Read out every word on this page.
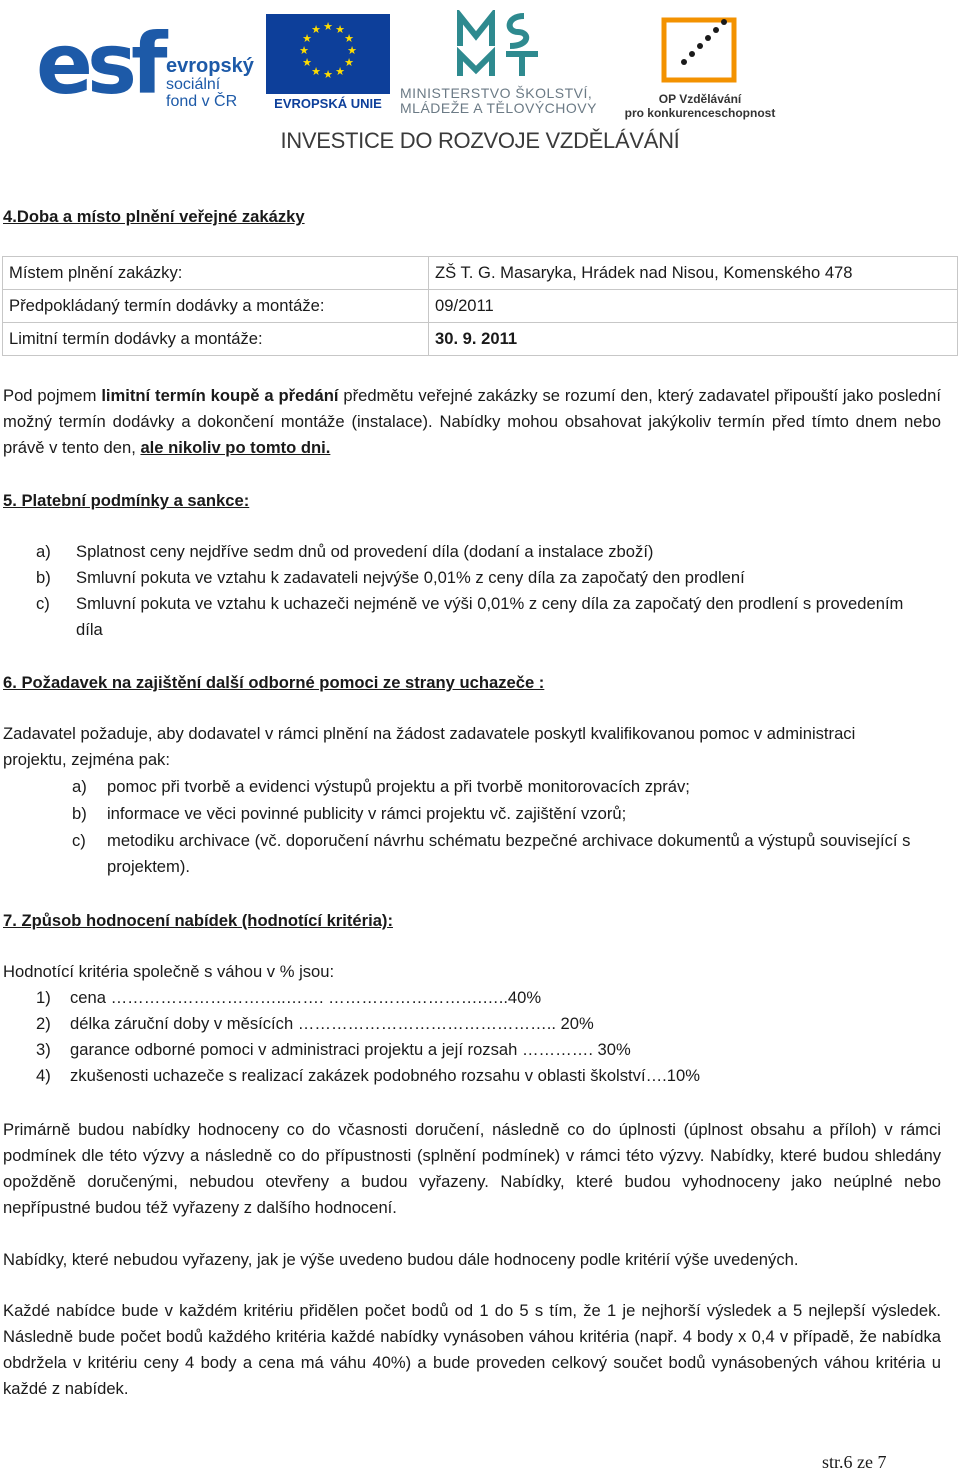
esf evropský
sociální
fond v ČR
★ ★
★
★
★
★
★
★
★
★
★
★
EVROPSKÁ UNIE
MINISTERSTVO ŠKOLSTVÍ,
MLÁDEŽE A TĚLOVÝCHOVY
OP Vzdělávání
pro konkurenceschopnost
INVESTICE DO ROZVOJE VZDĚLÁVÁNÍ
4.Doba a místo plnění veřejné zakázky
Místem plnění zakázky:	ZŠ T. G. Masaryka, Hrádek nad Nisou, Komenského 478
Předpokládaný termín dodávky a montáže:	09/2011
Limitní termín dodávky a montáže:	30. 9. 2011
Pod pojmem limitní termín koupě a předání předmětu veřejné zakázky se rozumí den, který zadavatel připouští jako poslední možný termín dodávky a dokončení montáže (instalace). Nabídky mohou obsahovat jakýkoliv termín před tímto dnem nebo právě v tento den, ale nikoliv po tomto dni.
5. Platební podmínky a sankce:
a) Splatnost ceny nejdříve sedm dnů od provedení díla (dodaní a instalace zboží)
b) Smluvní pokuta ve vztahu k zadavateli nejvýše 0,01% z ceny díla za započatý den prodlení
c) Smluvní pokuta ve vztahu k uchazeči nejméně ve výši 0,01% z ceny díla za započatý den prodlení s provedením díla
6. Požadavek na zajištění další odborné pomoci ze strany uchazeče :
Zadavatel požaduje, aby dodavatel v rámci plnění na žádost zadavatele poskytl kvalifikovanou pomoc v administraci projektu, zejména pak:
a) pomoc při tvorbě a evidenci výstupů projektu a při tvorbě monitorovacích zpráv;
b) informace ve věci povinné publicity v rámci projektu vč. zajištění vzorů;
c) metodiku archivace (vč. doporučení návrhu schématu bezpečné archivace dokumentů a výstupů související s projektem).
7. Způsob hodnocení nabídek (hodnotící kritéria):
Hodnotící kritéria společně s váhou v % jsou:
1) cena …………………………..……. ……………………….…..40%
2) délka záruční doby v měsících ……………………………………….. 20%
3) garance odborné pomoci v administraci projektu a její rozsah …………. 30%
4) zkušenosti uchazeče s realizací zakázek podobného rozsahu v oblasti školství….10%
Primárně budou nabídky hodnoceny co do včasnosti doručení, následně co do úplnosti (úplnost obsahu a příloh) v rámci podmínek dle této výzvy a následně co do přípustnosti (splnění podmínek) v rámci této výzvy. Nabídky, které budou shledány opožděně doručenými, nebudou otevřeny a budou vyřazeny. Nabídky, které budou vyhodnoceny jako neúplné nebo nepřípustné budou též vyřazeny z dalšího hodnocení.
Nabídky, které nebudou vyřazeny, jak je výše uvedeno budou dále hodnoceny podle kritérií výše uvedených.
Každé nabídce bude v každém kritériu přidělen počet bodů od 1 do 5 s tím, že 1 je nejhorší výsledek a 5 nejlepší výsledek. Následně bude počet bodů každého kritéria každé nabídky vynásoben váhou kritéria (např. 4 body x 0,4 v případě, že nabídka obdržela v kritériu ceny 4 body a cena má váhu 40%) a bude proveden celkový součet bodů vynásobených váhou kritéria u každé z nabídek.
str.6 ze 7
